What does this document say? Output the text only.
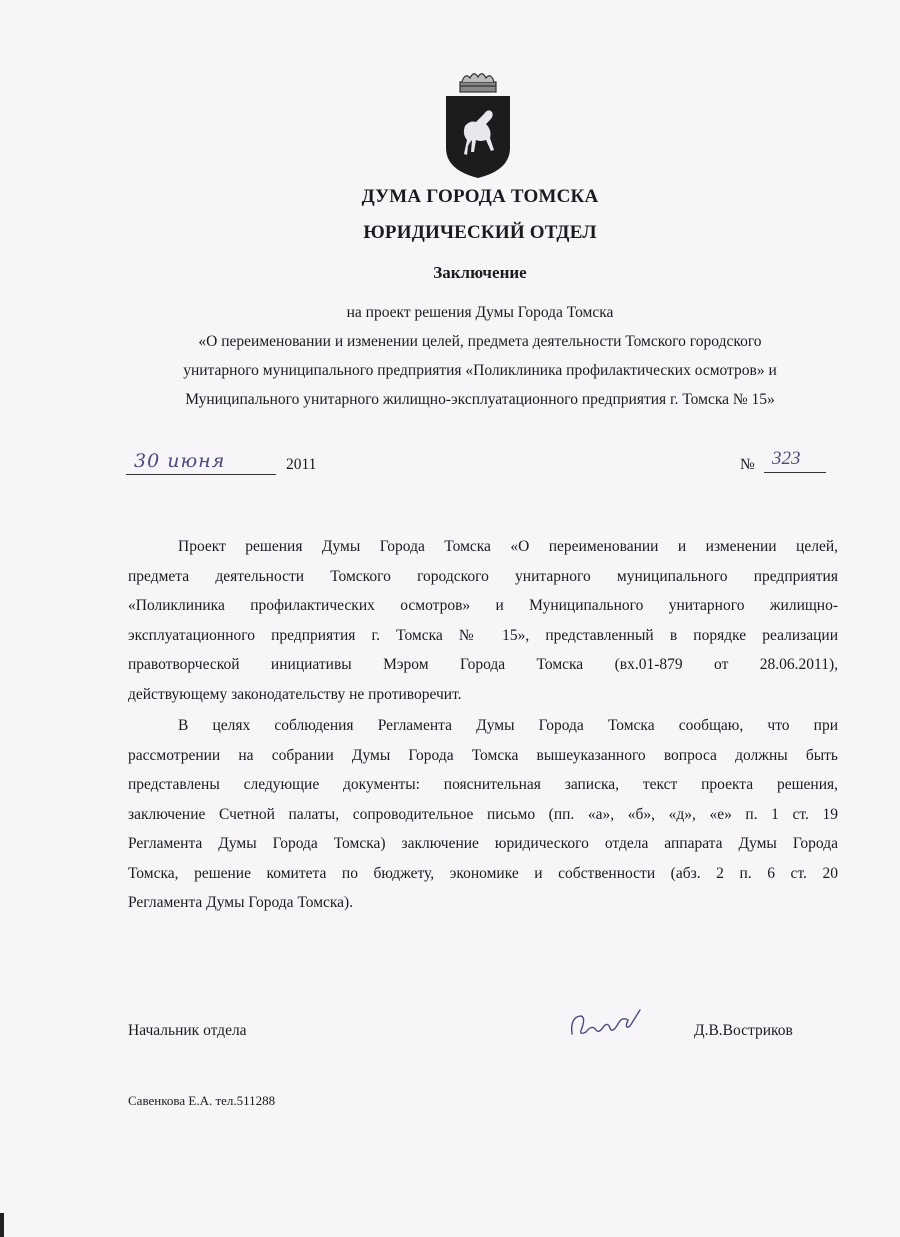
ДУМА ГОРОДА ТОМСКА
ЮРИДИЧЕСКИЙ ОТДЕЛ
Заключение
на проект решения Думы Города Томска
«О переименовании и изменении целей, предмета деятельности Томского городского
унитарного муниципального предприятия «Поликлиника профилактических осмотров» и
Муниципального унитарного жилищно-эксплуатационного предприятия г. Томска № 15»
30 июня	2011	№ 323
Проект решения Думы Города Томска «О переименовании и изменении целей,
предмета деятельности Томского городского унитарного муниципального предприятия
«Поликлиника профилактических осмотров» и Муниципального унитарного жилищно-
эксплуатационного предприятия г. Томска № 15», представленный в порядке реализации
правотворческой инициативы Мэром Города Томска (вх.01-879 от 28.06.2011),
действующему законодательству не противоречит.
В целях соблюдения Регламента Думы Города Томска сообщаю, что при
рассмотрении на собрании Думы Города Томска вышеуказанного вопроса должны быть
представлены следующие документы: пояснительная записка, текст проекта решения,
заключение Счетной палаты, сопроводительное письмо (пп. «а», «б», «д», «е» п. 1 ст. 19
Регламента Думы Города Томска) заключение юридического отдела аппарата Думы Города
Томска, решение комитета по бюджету, экономике и собственности (абз. 2 п. 6 ст. 20
Регламента Думы Города Томска).
Начальник отдела	Д.В.Востриков
Савенкова Е.А. тел.511288
